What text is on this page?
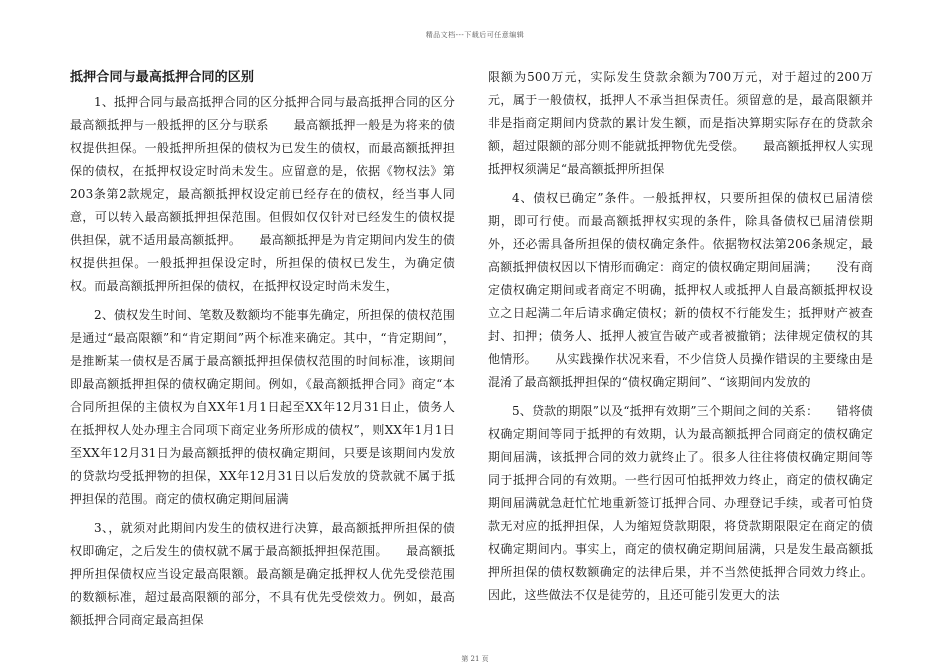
精品文档---下载后可任意编辑
抵押合同与最高抵押合同的区别

1、抵押合同与最高抵押合同的区分抵押合同与最高抵押合同的区分　　最高额抵押与一般抵押的区分与联系　　最高额抵押一般是为将来的债权提供担保。一般抵押所担保的债权为已发生的债权，而最高额抵押担保的债权，在抵押权设定时尚未发生。应留意的是，依据《物权法》第203条第2款规定，最高额抵押权设定前已经存在的债权，经当事人同意，可以转入最高额抵押担保范围。但假如仅仅针对已经发生的债权提供担保，就不适用最高额抵押。　　最高额抵押是为肯定期间内发生的债权提供担保。一般抵押担保设定时，所担保的债权已发生，为确定债权。而最高额抵押所担保的债权，在抵押权设定时尚未发生，

2、债权发生时间、笔数及数额均不能事先确定，所担保的债权范围是通过“最高限额”和“肯定期间”两个标准来确定。其中，“肯定期间”，是推断某一债权是否属于最高额抵押担保债权范围的时间标准，该期间即最高额抵押担保的债权确定期间。例如，《最高额抵押合同》商定“本合同所担保的主债权为自XX年1月1日起至XX年12月31日止，债务人在抵押权人处办理主合同项下商定业务所形成的债权”，则XX年1月1日至XX年12月31日为最高额抵押的债权确定期间，只要是该期间内发放的贷款均受抵押物的担保，XX年12月31日以后发放的贷款就不属于抵押担保的范围。商定的债权确定期间届满

3、，就须对此期间内发生的债权进行决算，最高额抵押所担保的债权即确定，之后发生的债权就不属于最高额抵押担保范围。　　最高额抵押所担保债权应当设定最高限额。最高额是确定抵押权人优先受偿范围的数额标准，超过最高限额的部分，不具有优先受偿效力。例如，最高额抵押合同商定最高担保

限额为500万元，实际发生贷款余额为700万元，对于超过的200万元，属于一般债权，抵押人不承当担保责任。须留意的是，最高限额并非是指商定期间内贷款的累计发生额，而是指决算期实际存在的贷款余额，超过限额的部分则不能就抵押物优先受偿。　　最高额抵押权人实现抵押权须满足“最高额抵押所担保

4、债权已确定”条件。一般抵押权，只要所担保的债权已届清偿期，即可行使。而最高额抵押权实现的条件，除具备债权已届清偿期外，还必需具备所担保的债权确定条件。依据物权法第206条规定，最高额抵押债权因以下情形而确定：商定的债权确定期间届满；　　没有商定债权确定期间或者商定不明确，抵押权人或抵押人自最高额抵押权设立之日起满二年后请求确定债权；新的债权不行能发生；抵押财产被查封、扣押；债务人、抵押人被宣告破产或者被撤销；法律规定债权的其他情形。　　从实践操作状况来看，不少信贷人员操作错误的主要缘由是混淆了最高额抵押担保的“债权确定期间”、“该期间内发放的

5、贷款的期限”以及“抵押有效期”三个期间之间的关系：　　错将债权确定期间等同于抵押的有效期，认为最高额抵押合同商定的债权确定期间届满，该抵押合同的效力就终止了。很多人往往将债权确定期间等同于抵押合同的有效期。一些行因可怕抵押效力终止，商定的债权确定期间届满就急赶忙忙地重新签订抵押合同、办理登记手续，或者可怕贷款无对应的抵押担保，人为缩短贷款期限，将贷款期限限定在商定的债权确定期间内。事实上，商定的债权确定期间届满，只是发生最高额抵押所担保的债权数额确定的法律后果，并不当然使抵押合同效力终止。因此，这些做法不仅是徒劳的，且还可能引发更大的法

第 21 页
